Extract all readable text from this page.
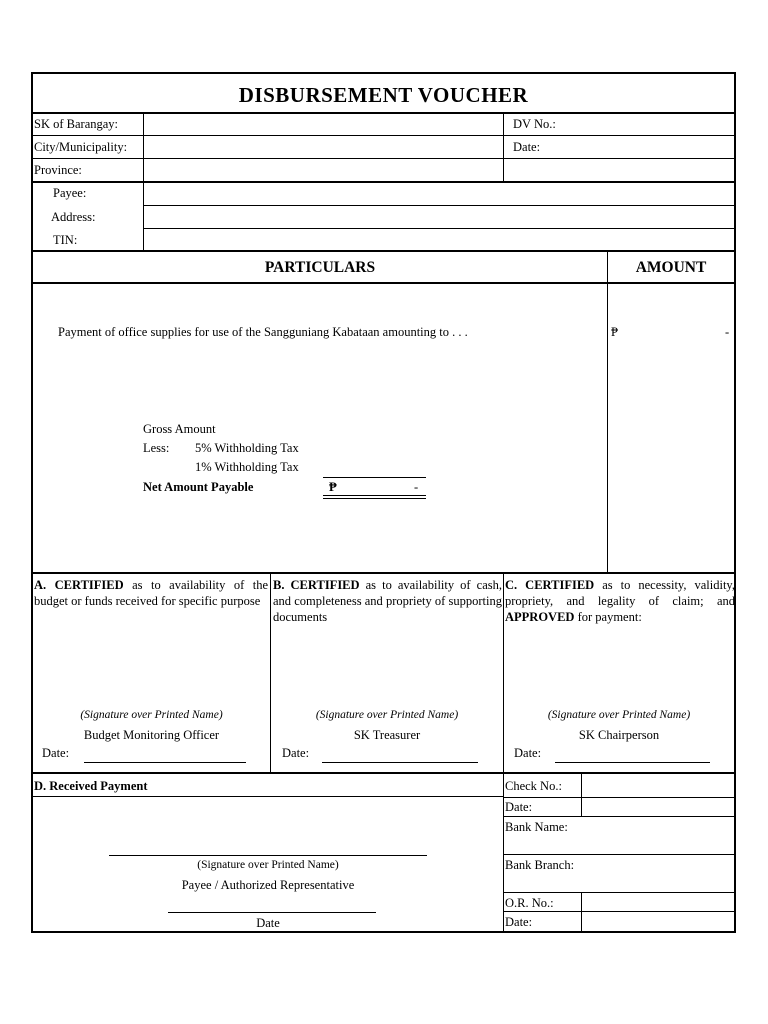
DISBURSEMENT VOUCHER
SK of Barangay:
City/Municipality:
Province:
Payee:
Address:
TIN:
DV No.:
Date:
PARTICULARS	AMOUNT
Payment of office supplies for use of the Sangguniang Kabataan amounting to . . .	₱	-
Gross Amount
Less: 5% Withholding Tax
1% Withholding Tax
Net Amount Payable	₱	-
A. CERTIFIED as to availability of the budget or funds received for specific purpose
(Signature over Printed Name)
Budget Monitoring Officer
Date:
B. CERTIFIED as to availability of cash, and completeness and propriety of supporting documents
(Signature over Printed Name)
SK Treasurer
Date:
C. CERTIFIED as to necessity, validity, propriety, and legality of claim; and APPROVED for payment:
(Signature over Printed Name)
SK Chairperson
Date:
D. Received Payment
(Signature over Printed Name)
Payee / Authorized Representative
Date
Check No.:
Date:
Bank Name:
Bank Branch:
O.R. No.:
Date:
